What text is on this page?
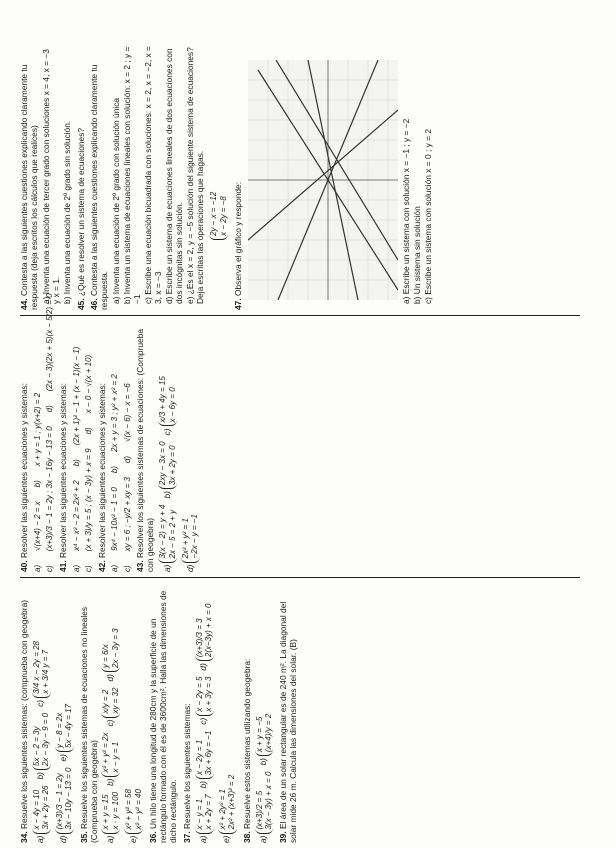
34. Resuelve los siguientes sistemas: (comprueba con geogebra)
a)
x − 4y = 10 3x + 2y = 26
b)
5x − 2 = 3y 2x − 3y − 9 = 0
c)
3/4 x − 2y = 28 x + 3/4 y = 7
d)
(x+3)/3 − 1 = 2y 3x − 10y − 13 = 0
e)
y − 8 = 2x 5x − 4y = 17
35. Resuelve los siguientes sistemas de ecuaciones no lineales (Comprueba con geogebra) a)
x + y = 15 x · y = 100
b)
x² + y² = 2x x − y = 1
c)
x/y = 2 xy = 32
d)
y = 6/x 2x − 3y = 3
e)
x² + y² = 58 x² − y² = 40
36. Un hilo tiene una longitud de 280cm y la superficie de un rectángulo formado con él es de 3600cm². Halla las dimensiones de dicho rectángulo. 37. Resuelve los siguientes sistemas:
a)
x − y = 1 x + 2y = 7
b)
x − 2y = 1 3x + 6y = −1
c)
x − 2y = 5 x + 3y = 3
d)
(x+3)/3 = 3 2(x−3y) + x = 0
e)
x² + 2y² = 1 2x² + (x+3)² = 2
38. Resuelve estos sistemas utilizando geogebra:
a)
(x+3)/2 = 5 3(x − 3y) + x = 0
b)
x + y = −5 (x+4)/y = 2
39. El área de un solar rectangular es de 240 m². La diagonal del solar mide 26 m. Calcula las dimensiones del solar. (B)
40. Resolver las siguientes ecuaciones y sistemas:
a)
√(x+4) − 2 = x
b)
x + y = 1 ; y(x+2) = 2
c)
(x+3)/3 − 1 = 2y ; 3x − 16y − 13 = 0
d)
(2x − 3)(2x + 5)(x − 5/2) = 0
41. Resolver las siguientes ecuaciones y sistemas:
a)
x⁴ − x² − 2 = 2x² + 2
b)
(2x + 1)² − 1 + (x − 1)(x − 1)
c)
(x + 3)/y = 5 ; (x − 3y) + x = 9
d)
x − 0 − √(x + 10)
42. Resolver las siguientes ecuaciones y sistemas:
a)
9x⁴ − 10x² − 1 = 0
b)
2x + y = 3 ; y² + x² = 2
c)
xy = 6 ; −y/2 + xy = 3
d)
√(x − 6) − x = −6
43. Resolver los siguientes sistemas de ecuaciones: (Comprueba con geogebra) a)
3(x − 2) = y + 4 2x − 5 = 2 + y
b)
2xy − 3x = 0 3x + 2y = 0
c)
x/3 + 4y = 15 x − 6y = 0
d)
2x² + y² = 1 −2x − y = −1
44. Contesta a las siguientes cuestiones explicando claramente tu respuesta (deja escritos los cálculos que realices) a) Inventa una ecuación de tercer grado con soluciones x = 4, x = −3 y x = 1. b) Inventa una ecuación de 2º grado sin solución.
45. ¿Qué es resolver un sistema de ecuaciones?
46. Contesta a las siguientes cuestiones explicando claramente tu respuesta. a) Inventa una ecuación de 2º grado con solución única b) Inventa un sistema de ecuaciones lineales con solución: x = 2 ; y = −1 c) Escribe una ecuación bicuadrada con soluciones: x = 2, x = −2, x = 3, x = −3 d) Escribe un sistema de ecuaciones lineales de dos ecuaciones con dos incógnitas sin solución. e) ¿Es el x = 2, y = −5 solución del siguiente sistema de ecuaciones? Deja escritas las operaciones que hagas. 2y − x = −12 x − 2y = −8
47. Observa el gráfico y responde:	a) Escribe un sistema con solución x = −1 ; y = −2 b) Un sistema sin solución c) Escribe un sistema con solución x = 0 ; y = 2
